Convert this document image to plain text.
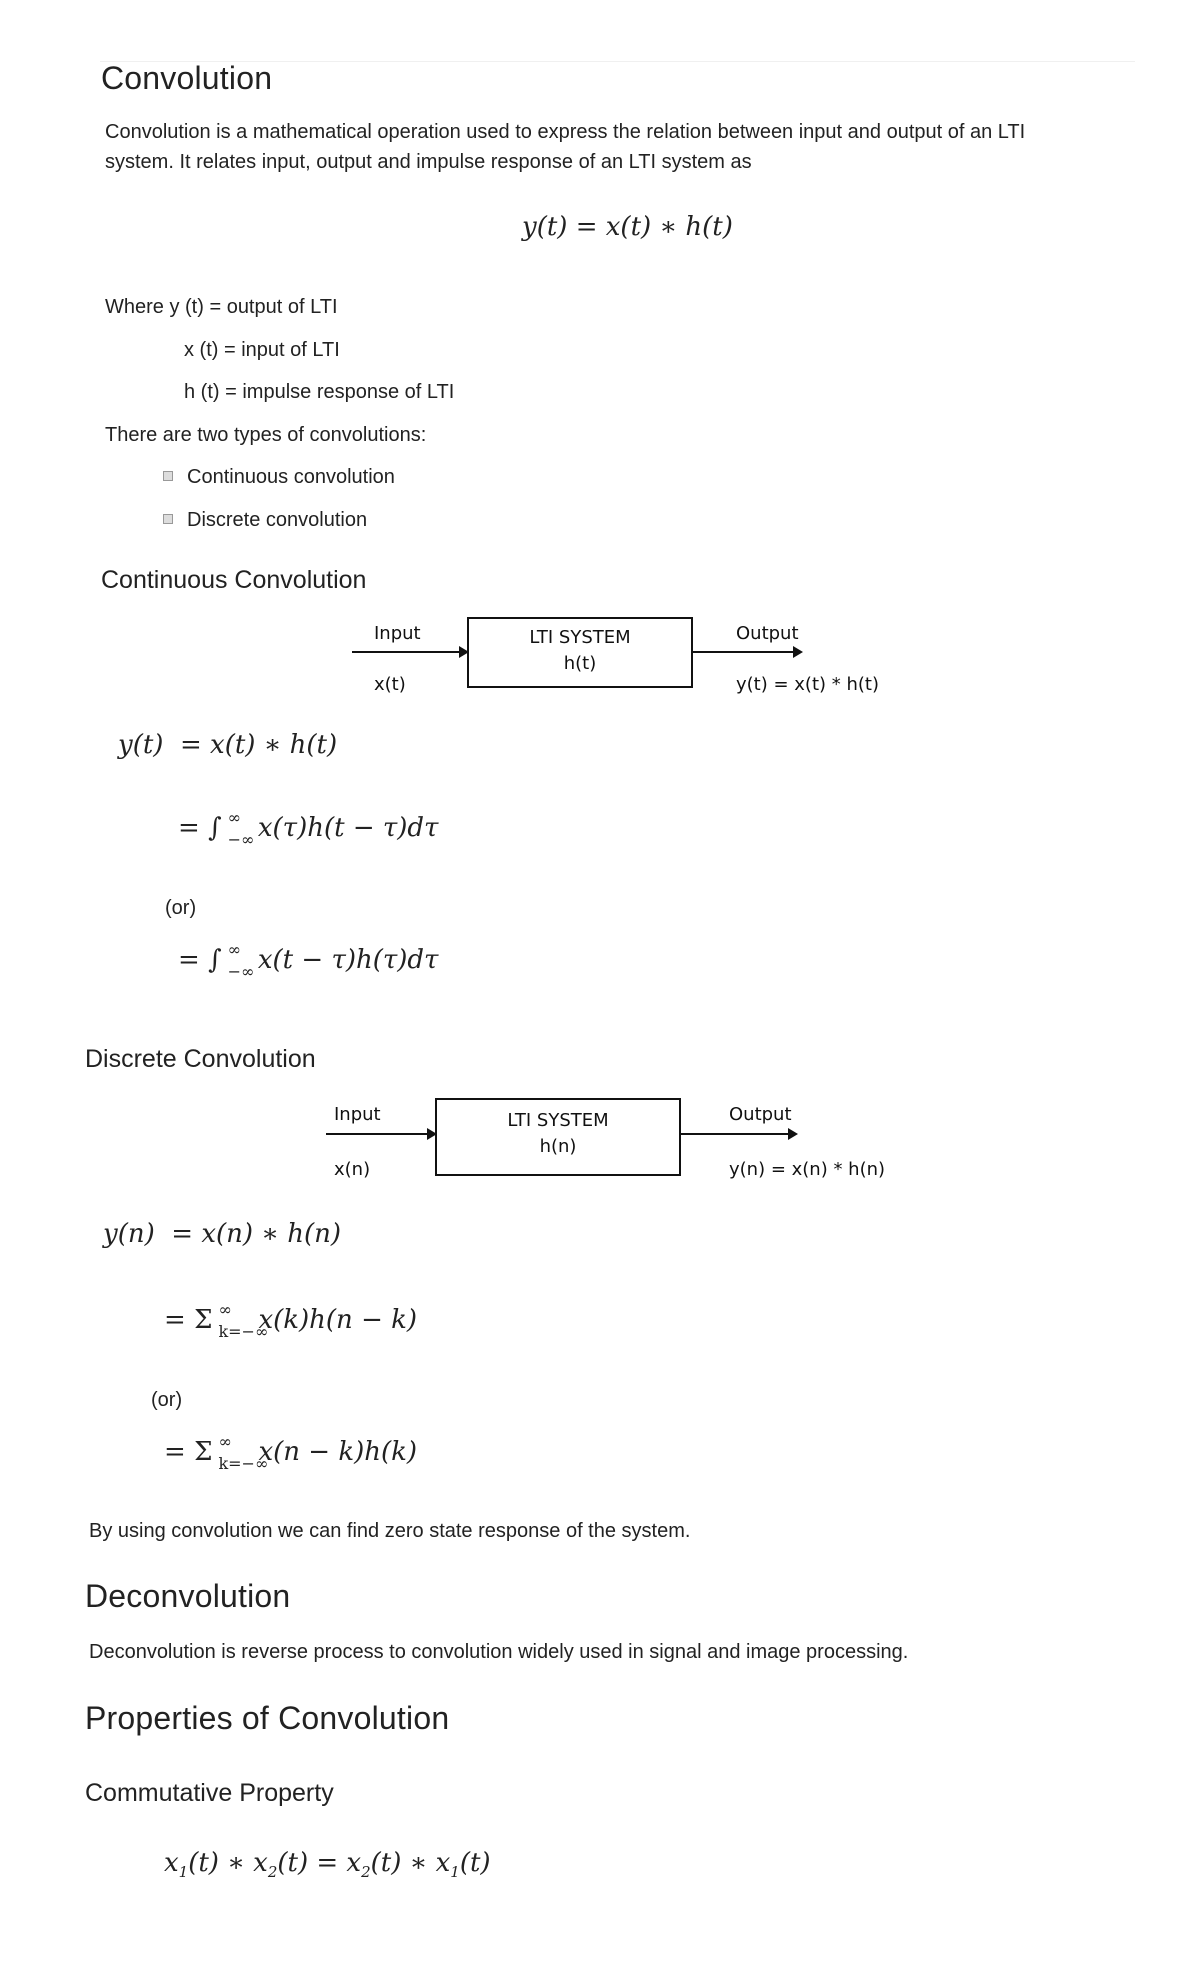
Convolution
Convolution is a mathematical operation used to express the relation between input and output of an LTI
system. It relates input, output and impulse response of an LTI system as
y(t) = x(t) ∗ h(t)
Where y (t) = output of LTI
x (t) = input of LTI
h (t) = impulse response of LTI
There are two types of convolutions:
Continuous convolution
Discrete convolution
Continuous Convolution
Input
x(t)
LTI SYSTEM
h(t)
Output
y(t) = x(t) * h(t)
y(t)  = x(t) ∗ h(t)
= ∫ ∞
−∞
x(τ)h(t − τ)dτ
(or)
= ∫ ∞
−∞
x(t − τ)h(τ)dτ
Discrete Convolution
Input
x(n)
LTI SYSTEM
h(n)
Output
y(n) = x(n) * h(n)
y(n)  = x(n) ∗ h(n)
= Σ ∞
k=−∞
x(k)h(n − k)
(or)
= Σ ∞
k=−∞
x(n − k)h(k)
By using convolution we can find zero state response of the system.
Deconvolution
Deconvolution is reverse process to convolution widely used in signal and image processing.
Properties of Convolution
Commutative Property
$x_1(t)$ ∗ $x_2(t) = x_2(t)$ ∗ $x_1(t)$
